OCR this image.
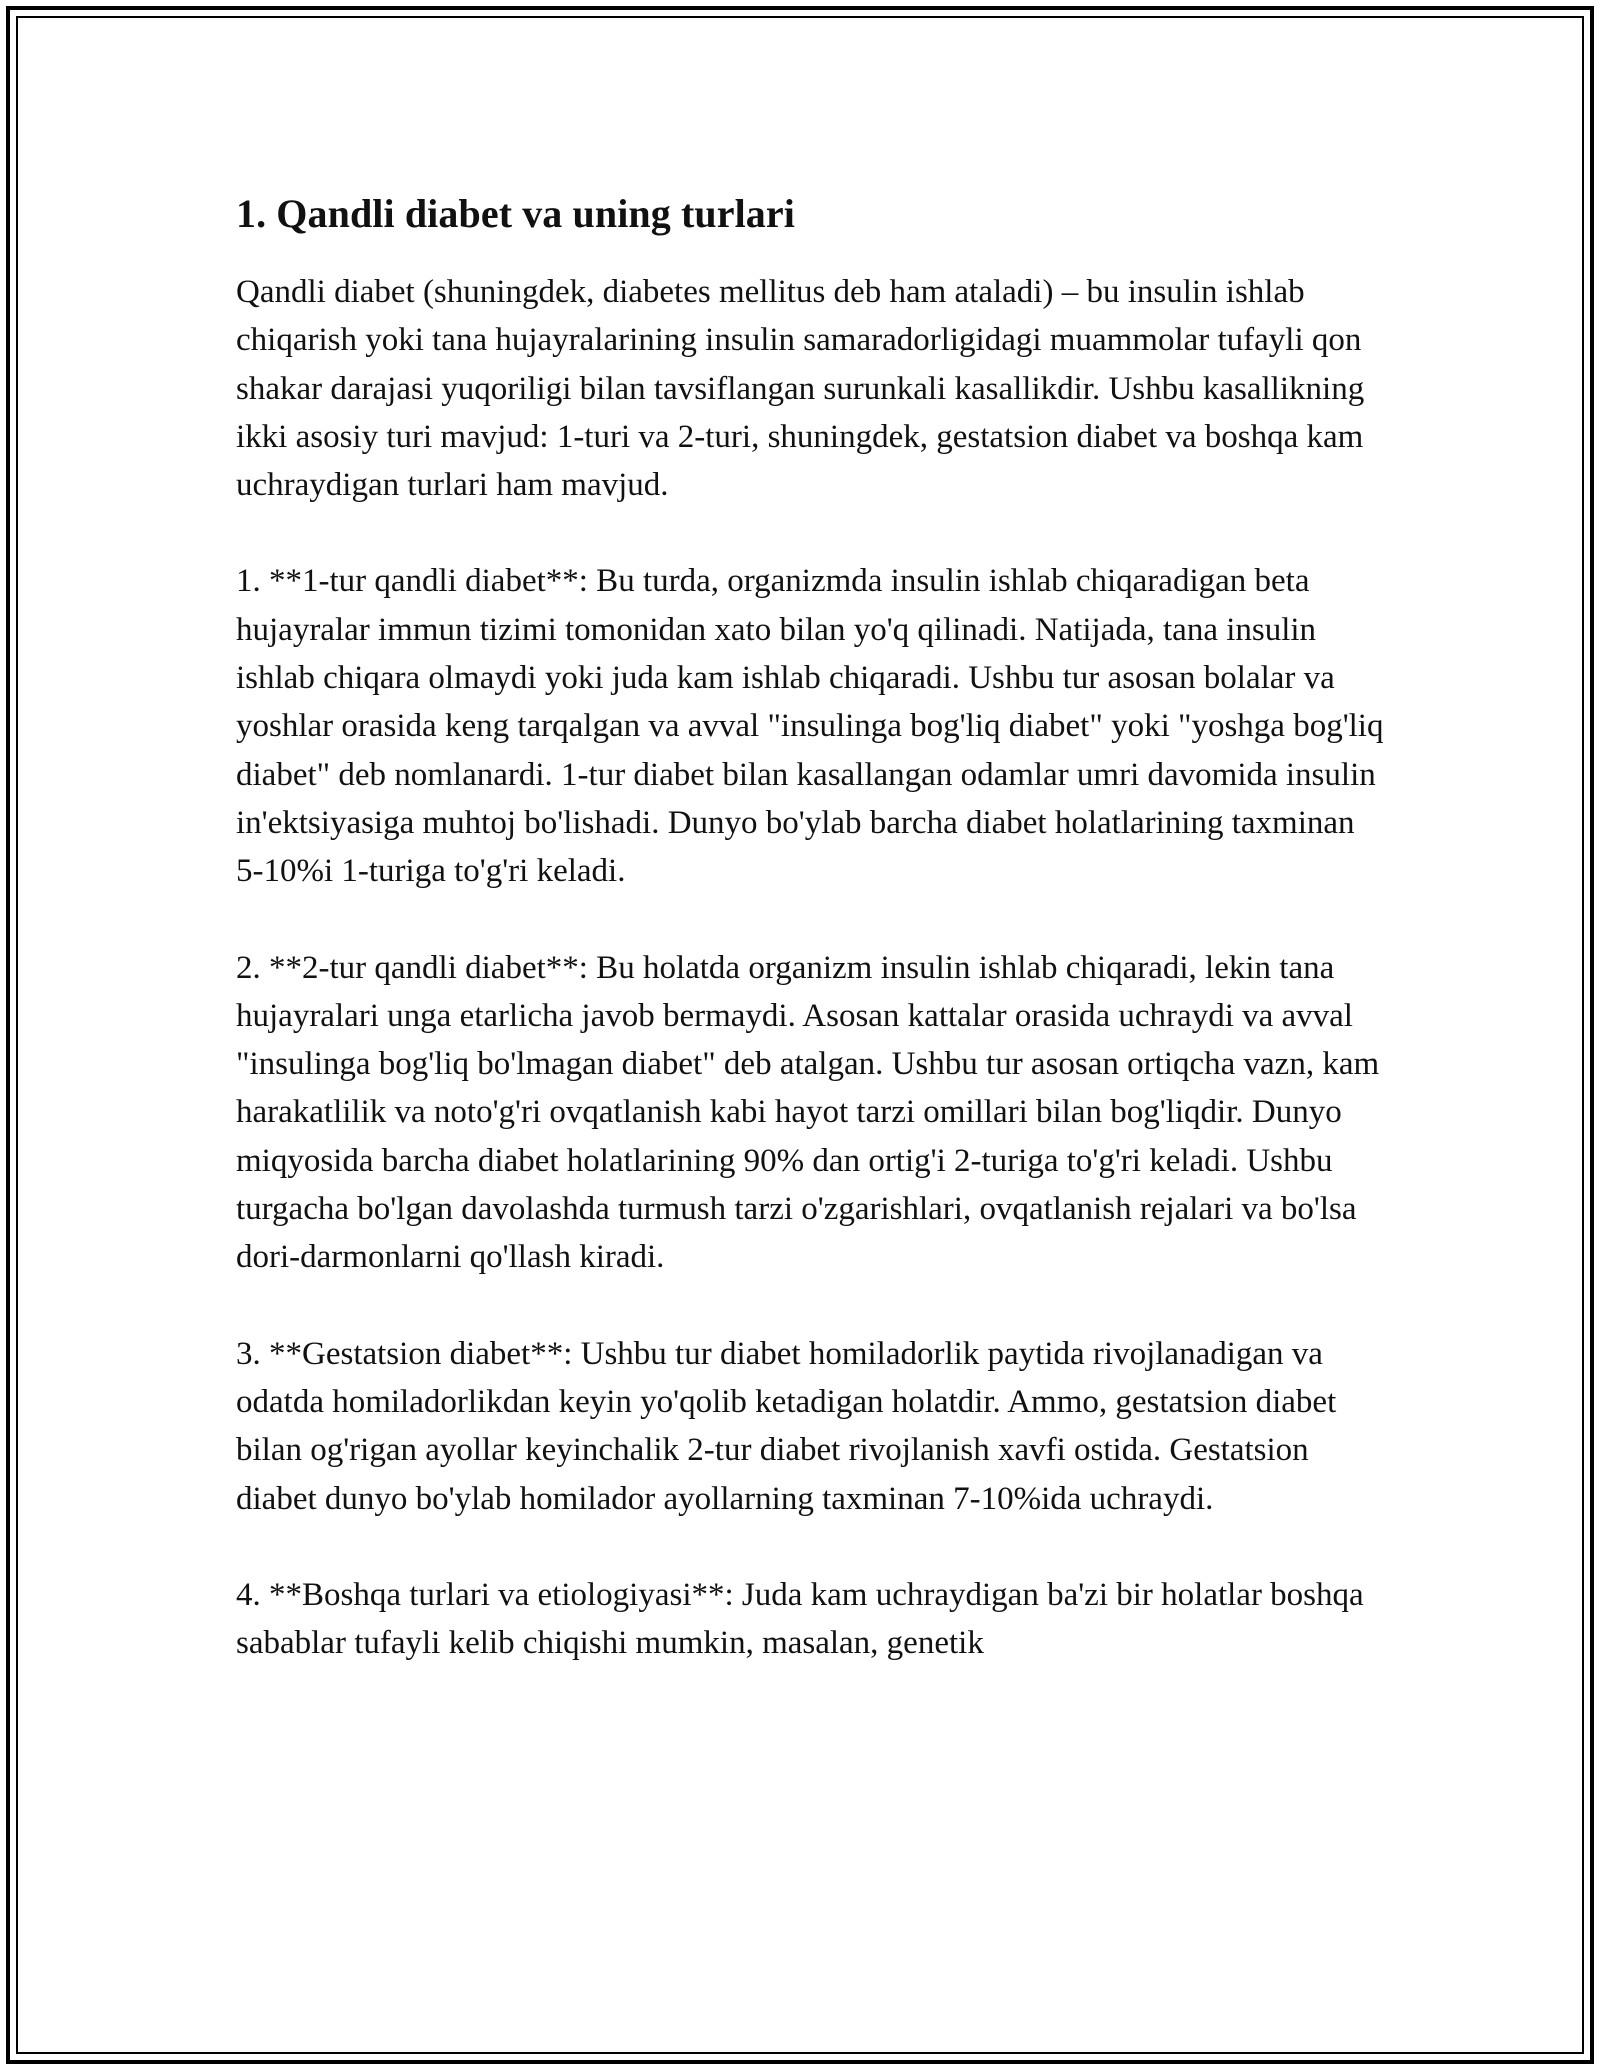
1. Qandli diabet va uning turlari

Qandli diabet (shuningdek, diabetes mellitus deb ham ataladi) – bu insulin ishlab chiqarish yoki tana hujayralarining insulin samaradorligidagi muammolar tufayli qon shakar darajasi yuqoriligi bilan tavsiflangan surunkali kasallikdir. Ushbu kasallikning ikki asosiy turi mavjud: 1-turi va 2-turi, shuningdek, gestatsion diabet va boshqa kam uchraydigan turlari ham mavjud.

1. **1-tur qandli diabet**: Bu turda, organizmda insulin ishlab chiqaradigan beta hujayralar immun tizimi tomonidan xato bilan yo'q qilinadi. Natijada, tana insulin ishlab chiqara olmaydi yoki juda kam ishlab chiqaradi. Ushbu tur asosan bolalar va yoshlar orasida keng tarqalgan va avval "insulinga bog'liq diabet" yoki "yoshga bog'liq diabet" deb nomlanardi. 1-tur diabet bilan kasallangan odamlar umri davomida insulin in'ektsiyasiga muhtoj bo'lishadi. Dunyo bo'ylab barcha diabet holatlarining taxminan 5-10%i 1-turiga to'g'ri keladi.

2. **2-tur qandli diabet**: Bu holatda organizm insulin ishlab chiqaradi, lekin tana hujayralari unga etarlicha javob bermaydi. Asosan kattalar orasida uchraydi va avval "insulinga bog'liq bo'lmagan diabet" deb atalgan. Ushbu tur asosan ortiqcha vazn, kam harakatlilik va noto'g'ri ovqatlanish kabi hayot tarzi omillari bilan bog'liqdir. Dunyo miqyosida barcha diabet holatlarining 90% dan ortig'i 2-turiga to'g'ri keladi. Ushbu turgacha bo'lgan davolashda turmush tarzi o'zgarishlari, ovqatlanish rejalari va bo'lsa dori-darmonlarni qo'llash kiradi.

3. **Gestatsion diabet**: Ushbu tur diabet homiladorlik paytida rivojlanadigan va odatda homiladorlikdan keyin yo'qolib ketadigan holatdir. Ammo, gestatsion diabet bilan og'rigan ayollar keyinchalik 2-tur diabet rivojlanish xavfi ostida. Gestatsion diabet dunyo bo'ylab homilador ayollarning taxminan 7-10%ida uchraydi.

4. **Boshqa turlari va etiologiyasi**: Juda kam uchraydigan ba'zi bir holatlar boshqa sabablar tufayli kelib chiqishi mumkin, masalan, genetik
